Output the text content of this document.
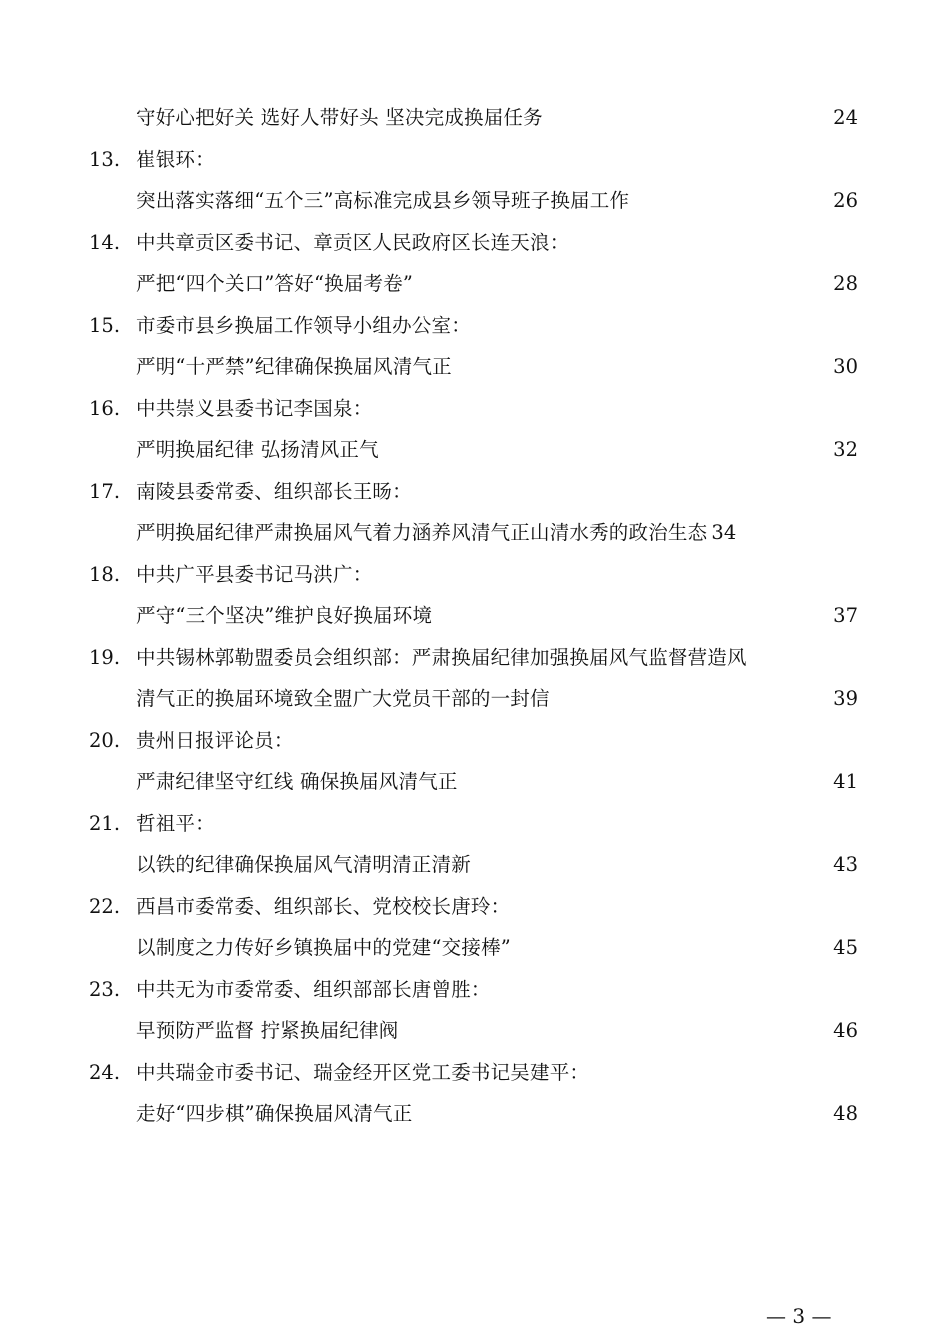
守好心把好关 选好人带好头 坚决完成换届任务	24
13. 崔银环：
突出落实落细“五个三”高标准完成县乡领导班子换届工作	26
14. 中共章贡区委书记、章贡区人民政府区长连天浪：
严把“四个关口”答好“换届考卷”	28
15. 市委市县乡换届工作领导小组办公室：
严明“十严禁”纪律确保换届风清气正	30
16. 中共崇义县委书记李国泉：
严明换届纪律 弘扬清风正气	32
17. 南陵县委常委、组织部长王旸：
严明换届纪律严肃换届风气着力涵养风清气正山清水秀的政治生态 34
18. 中共广平县委书记马洪广：
严守“三个坚决”维护良好换届环境	37
19. 中共锡林郭勒盟委员会组织部：严肃换届纪律加强换届风气监督营造风
清气正的换届环境致全盟广大党员干部的一封信	39
20. 贵州日报评论员：
严肃纪律坚守红线 确保换届风清气正	41
21. 哲祖平：
以铁的纪律确保换届风气清明清正清新	43
22. 西昌市委常委、组织部长、党校校长唐玲：
以制度之力传好乡镇换届中的党建“交接棒”	45
23. 中共无为市委常委、组织部部长唐曾胜：
早预防严监督 拧紧换届纪律阀	46
24. 中共瑞金市委书记、瑞金经开区党工委书记吴建平：
走好“四步棋”确保换届风清气正	48
— 3 —
